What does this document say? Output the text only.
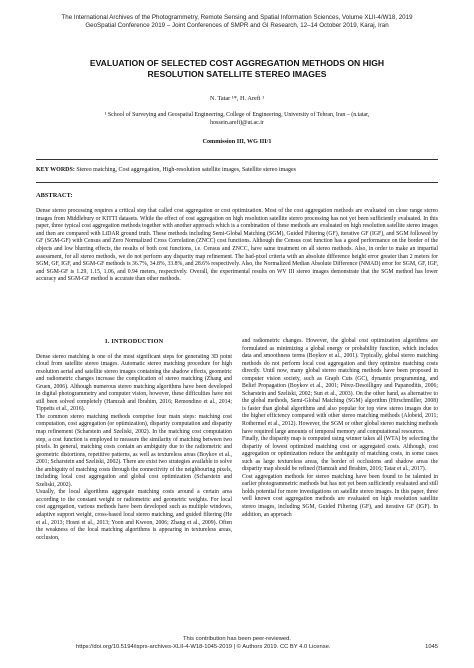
The International Archives of the Photogrammetry, Remote Sensing and Spatial Information Sciences, Volume XLII-4/W18, 2019
GeoSpatial Conference 2019 – Joint Conferences of SMPR and GI Research, 12–14 October 2019, Karaj, Iran
EVALUATION OF SELECTED COST AGGREGATION METHODS ON HIGH
RESOLUTION SATELLITE STEREO IMAGES
N. Tatar ¹*, H. Arefi ¹
¹ School of Surveying and Geospatial Engineering, College of Engineering, University of Tehran, Iran – (n.tatar,
hossein.arefi)@ut.ac.ir
Commission III, WG III/1
KEY WORDS: Stereo matching, Cost aggregation, High-resolution satellite images, Satellite stereo images
ABSTRACT:
Dense stereo processing requires a critical step that called cost aggregation or cost optimization. Most of the cost aggregation methods are evaluated on close range stereo images from Middlebury or KITTI datasets. While the effect of cost aggregation on high resolution satellite stereo processing has not yet been sufficiently evaluated. In this paper, three typical cost aggregation methods together with another approach which is a combination of these methods are evaluated on high resolution satellite stereo images and then are compared with LiDAR ground truth. These methods including Semi-Global Matching (SGM), Guided Filtering (GF), iterative GF (IGF), and SGM followed by GF (SGM-GF) with Census and Zero Normalized Cross Correlation (ZNCC) cost functions. Although the Census cost function has a good performance on the border of the objects and low blurring effects, the results of both cost functions, i.e. Census and ZNCC, have same treatment on all stereo methods. Also, in order to make an impartial assessment, for all stereo methods, we do not perform any disparity map refinement. The bad-pixel criteria with an absolute difference height error greater than 2 meters for SGM, GF, IGF, and SGM-GF methods is 36.7%, 34.8%, 33.8%, and 28.6% respectively. Also, the Normalized Median Absolute Difference (NMAD) error for SGM, GF, IGF, and SGM-GF is 1.29, 1.15, 1.06, and 0.94 meters, respectively. Overall, the experimental results on WV III stereo images demonstrate that the SGM method has lower accuracy and SGM-GF method is accurate than other methods.
1. INTRODUCTION

Dense stereo matching is one of the most significant steps for generating 3D point cloud from satellite stereo images. Automatic stereo matching procedure for high resolution aerial and satellite stereo images containing the shadow effects, geometric and radiometric changes increase the complication of stereo matching (Zhang and Gruen, 2006). Although numerous stereo matching algorithms have been developed in digital photogrammetry and computer vision, however, these difficulties have not still been solved completely (Hamzah and Ibrahim, 2016; Remondino et al., 2014; Tippetts et al., 2016).

The common stereo matching methods comprise four main steps: matching cost computation, cost aggregation (or optimization), disparity computation and disparity map refinement (Scharstein and Szeliski, 2002). In the matching cost computation step, a cost function is employed to measure the similarity of matching between two pixels. In general, matching costs contain an ambiguity due to the radiometric and geometric distortions, repetitive patterns, as well as textureless areas (Boykov et al., 2001; Scharstein and Szeliski, 2002). There are exist two strategies available to solve the ambiguity of matching costs through the connectivity of the neighbouring pixels, including local cost aggregation and global cost optimization (Scharstein and Szeliski, 2002).

Usually, the local algorithms aggregate matching costs around a certain area according to the constant weight or radiometric and geometric weights. For local cost aggregation, various methods have been developed such as multiple windows, adaptive support weight, cross-based local stereo matching, and guided filtering (He et al., 2013; Hosni et al., 2013; Yoon and Kweon, 2006; Zhang et al., 2009). Often the weakness of the local matching algorithms is appearing in textureless areas, occlusion,

and radiometric changes. However, the global cost optimization algorithms are formulated as minimizing a global energy or probability function, which includes data and smoothness terms (Boykov et al., 2001). Typically, global stereo matching methods do not perform local cost aggregation and they optimize matching costs directly. Until now, many global stereo matching methods have been proposed in computer vision society, such as Graph Cuts (GC), dynamic programming, and Belief Propagation (Boykov et al., 2001; Pérez-Desoilligny and Papanoditis, 2006; Scharstein and Szeliski, 2002; Sun et al., 2003). On the other hand, as alternative to the global methods, Semi-Global Matching (SGM) algorithm (Hirschmüller, 2008) is faster than global algorithms and also popular for top view stereo images due to the higher efficiency compared with other stereo matching methods (Alobeid, 2011; Rothermel et al., 2012). However, the SGM or other global stereo matching methods have required large amounts of temporal memory and computational resources.

Finally, the disparity map is computed using winner takes all (WTA) by selecting the disparity of lowest optimized matching cost or aggregated costs. Although, cost aggregation or optimization reduce the ambiguity of matching costs, in some cases such as large textureless areas, the border of occlusions and shadow areas the disparity map should be refined (Hamzah and Ibrahim, 2016; Tatar et al., 2017).

Cost aggregation methods for stereo matching have been found to be talented in earlier photogrammetric methods but has not yet been sufficiently evaluated and still holds potential for more investigations on satellite stereo images. In this paper, three well known cost aggregation methods are evaluated on high resolution satellite stereo images, including SGM, Guided Filtering (GF), and iterative GF (IGF). In addition, an approach

This contribution has been peer-reviewed.
https://doi.org/10.5194/isprs-archives-XLII-4-W18-1045-2019 | © Authors 2019. CC BY 4.0 License.	1045
